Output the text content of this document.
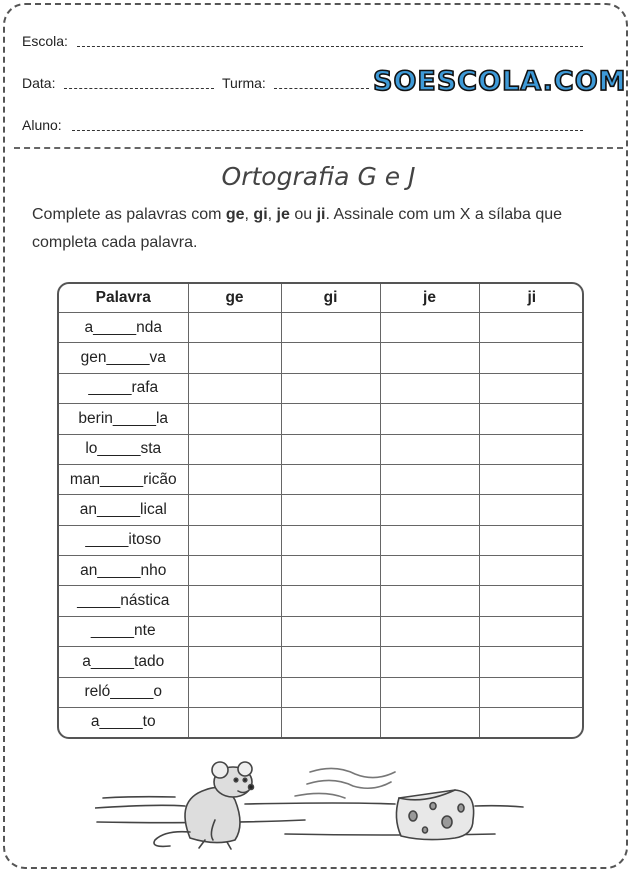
Escola:
Data:	Turma:	SOESCOLA.COM
Aluno:
Ortografia G e J
Complete as palavras com ge, gi, je ou ji. Assinale com um X a sílaba que completa cada palavra.
Palavra	ge	gi	je	ji
a_____nda				
gen_____va				
_____rafa				
berin_____la				
lo_____sta				
man_____ricão				
an_____lical				
_____itoso				
an_____nho				
_____nástica				
_____nte				
a_____tado				
reló_____o				
a_____to				
